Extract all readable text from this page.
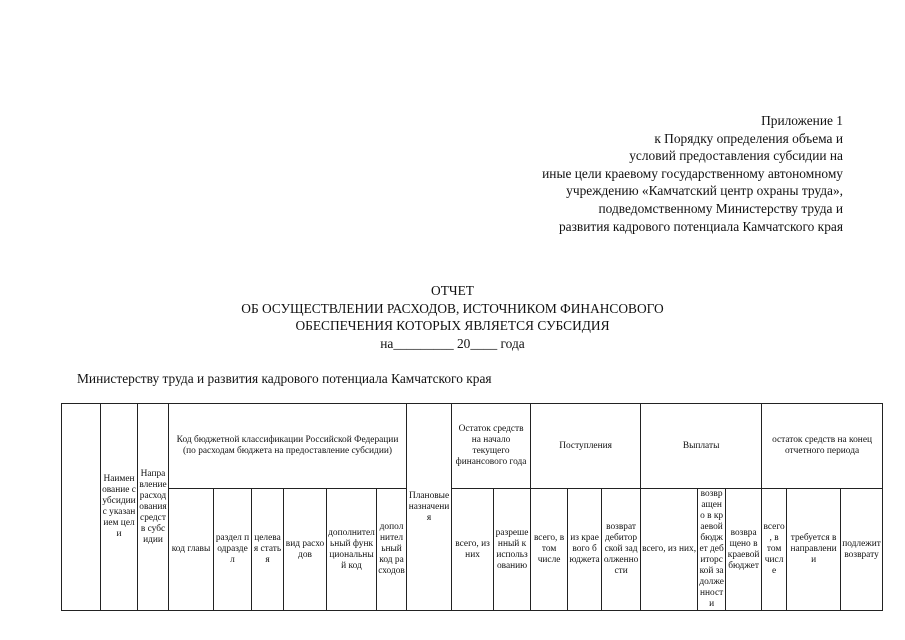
Приложение 1
к Порядку определения объема и
условий предоставления субсидии на
иные цели краевому государственному автономному
учреждению «Камчатский центр охраны труда»,
подведомственному Министерству труда и
развития кадрового потенциала Камчатского края
ОТЧЕТ
ОБ ОСУЩЕСТВЛЕНИИ РАСХОДОВ, ИСТОЧНИКОМ ФИНАНСОВОГО
ОБЕСПЕЧЕНИЯ КОТОРЫХ ЯВЛЯЕТСЯ СУБСИДИЯ
на_________ 20____ года
Министерству труда и развития кадрового потенциала Камчатского края
	Наименование субсидии с указанием цели	Направление расходования средств субсидии	Код бюджетной классификации Российской Федерации (по расходам бюджета на предоставление субсидии)						Плановые назначения	Остаток средств на начало текущего финансового года		Поступления			Выплаты			остаток средств на конец отчетного периода		
			код главы	раздел подраздел	целевая статья	вид расходов	дополнительный функциональный код	дополнительный код расходов		всего, из них	разрешенный к использованию	всего, в том числе	из краевого бюджета	возврат дебиторской задолженности	всего, из них,	возвращено в краевой бюджет дебиторской задолженности	возвращено в краевой бюджет	всего, в том числе	требуется в направлении	подлежит возврату
